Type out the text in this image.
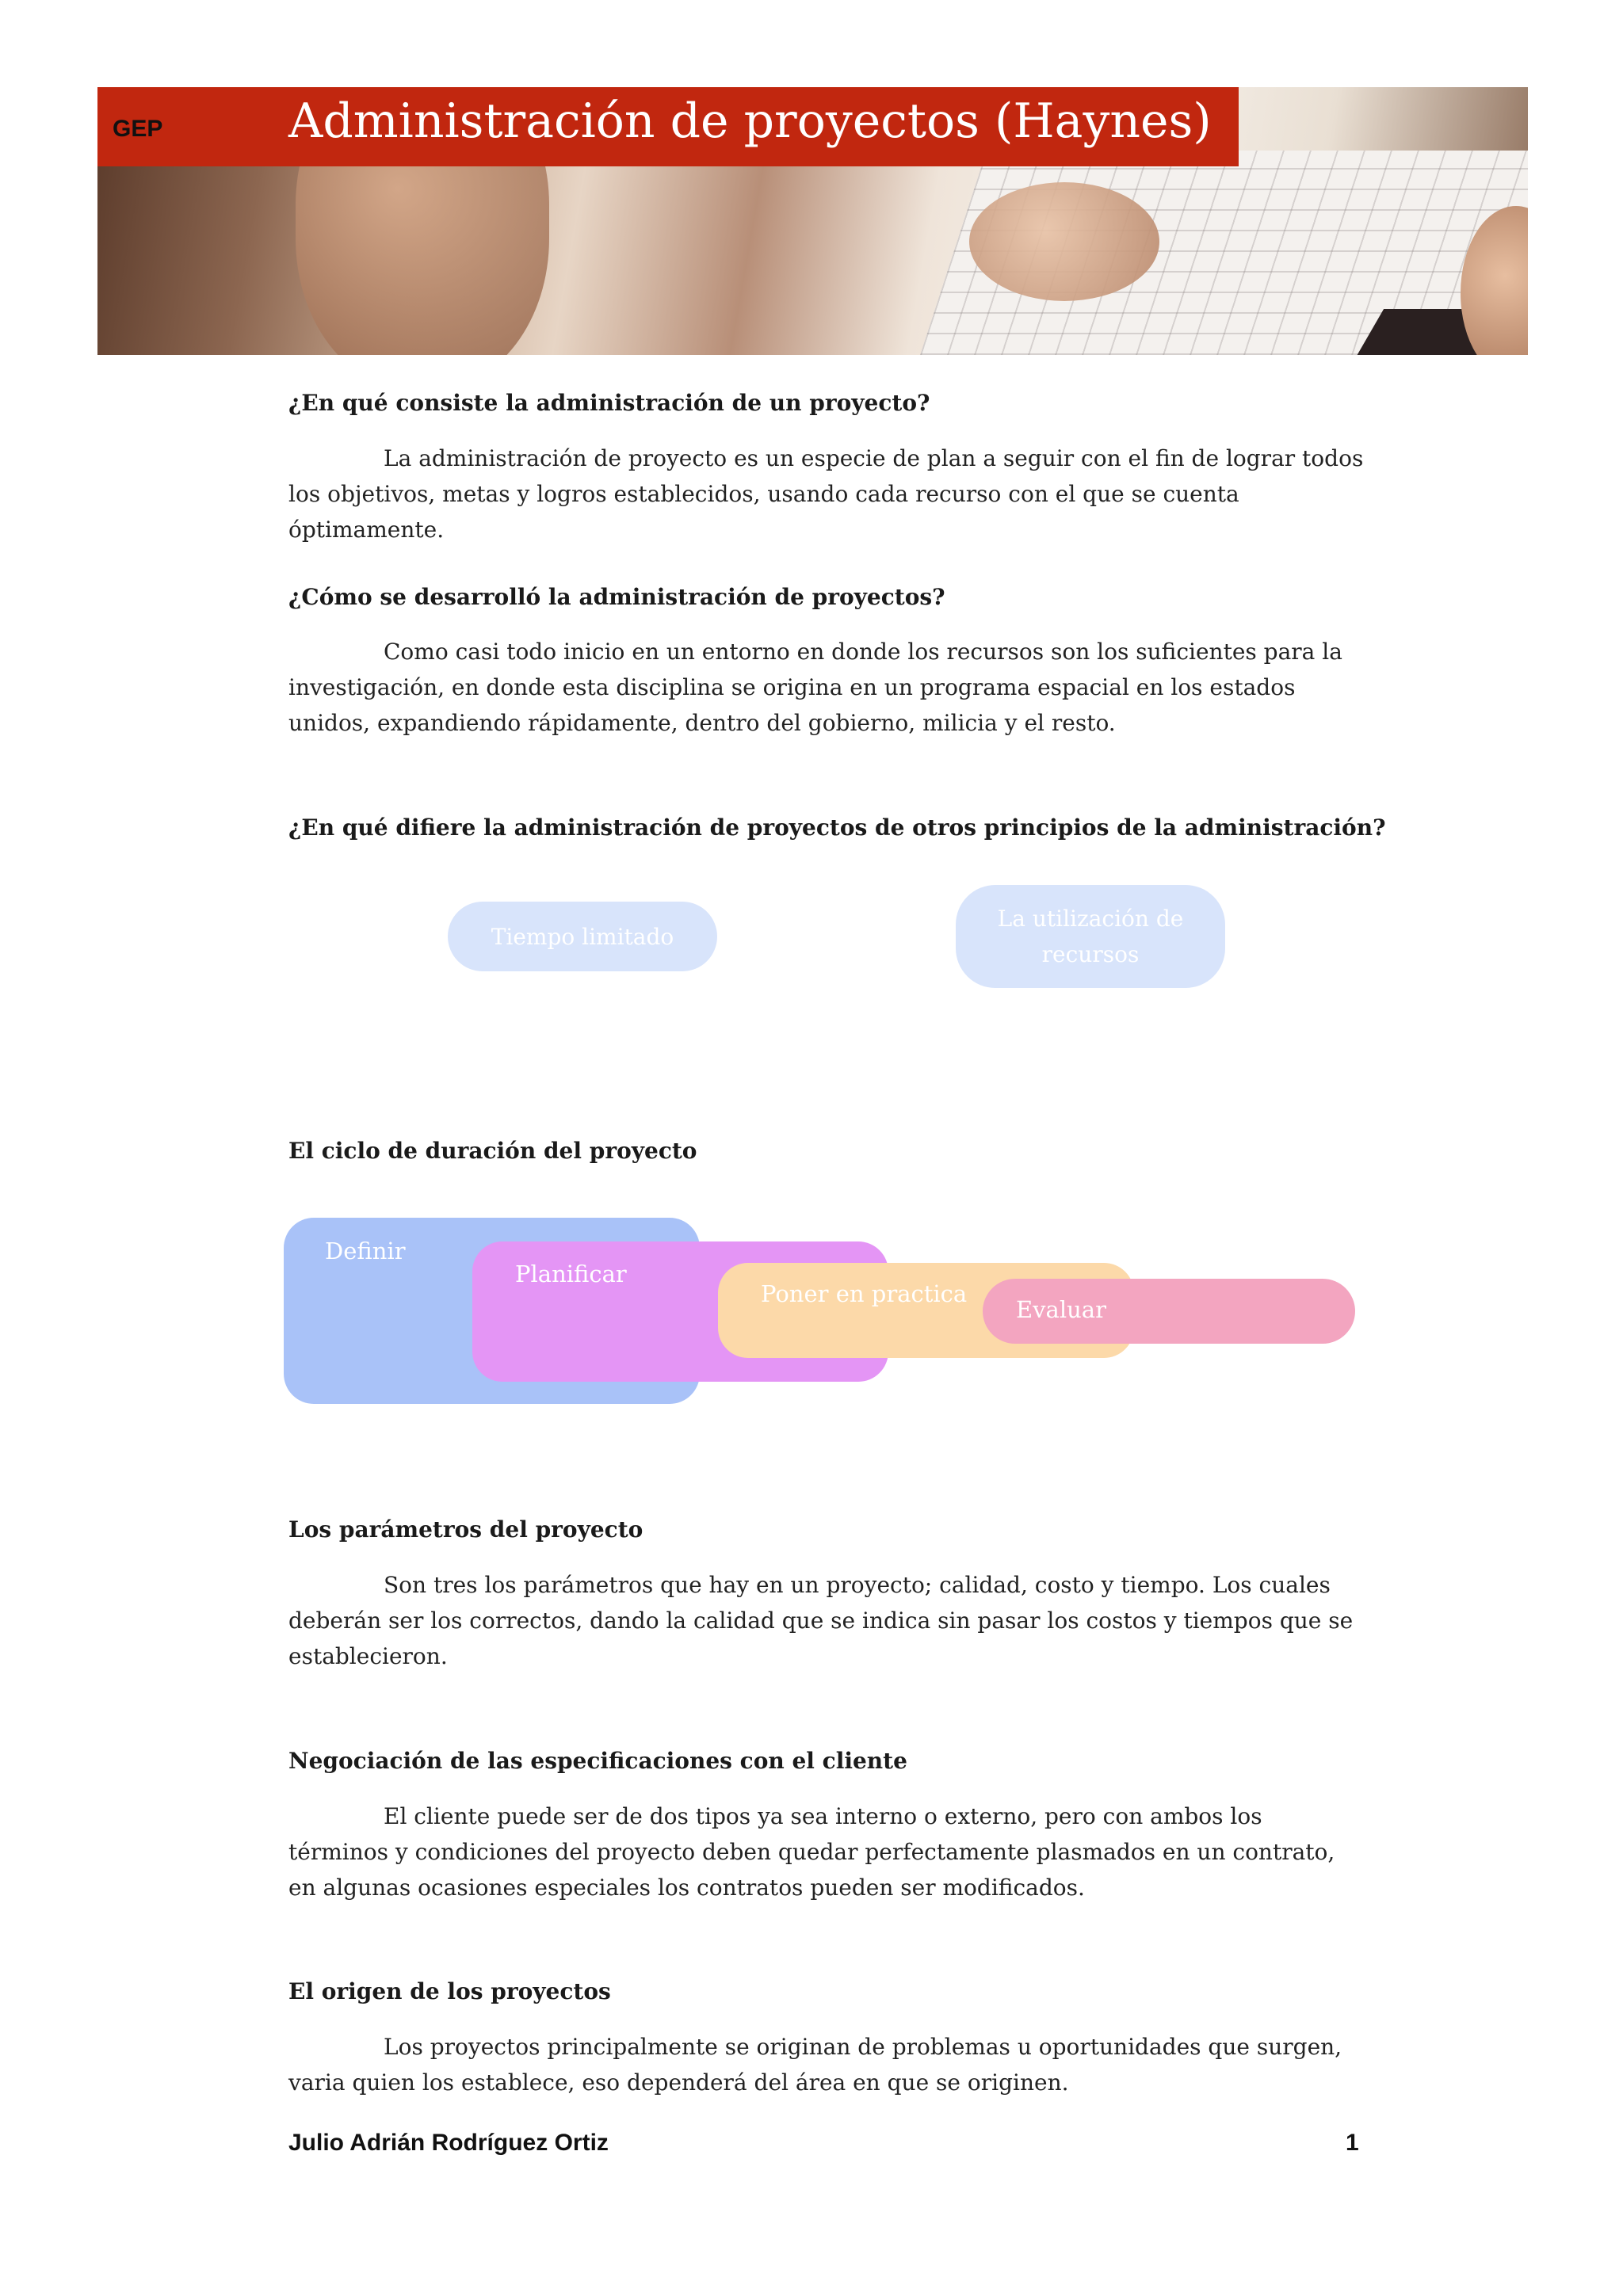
GEP	Administración de proyectos (Haynes)
¿En qué consiste la administración de un proyecto?

La administración de proyecto es un especie de plan a seguir con el fin de lograr todos los objetivos, metas y logros establecidos, usando cada recurso con el que se cuenta óptimamente.

¿Cómo se desarrolló la administración de proyectos?

Como casi todo inicio en un entorno en donde los recursos son los suficientes para la investigación, en donde esta disciplina se origina en un programa espacial en los estados unidos, expandiendo rápidamente, dentro del gobierno, milicia y el resto.

¿En qué difiere la administración de proyectos de otros principios de la administración?
Tiempo limitado
La utilización de recursos
El ciclo de duración del proyecto
Definir
Planificar
Poner en practica
Evaluar
Los parámetros del proyecto

Son tres los parámetros que hay en un proyecto; calidad, costo y tiempo. Los cuales deberán ser los correctos, dando la calidad que se indica sin pasar los costos y tiempos que se establecieron.

Negociación de las especificaciones con el cliente

El cliente puede ser de dos tipos ya sea interno o externo, pero con ambos los términos y condiciones del proyecto deben quedar perfectamente plasmados en un contrato, en algunas ocasiones especiales los contratos pueden ser modificados.

El origen de los proyectos

Los proyectos principalmente se originan de problemas u oportunidades que surgen, varia quien los establece, eso dependerá del área en que se originen.

Julio Adrián Rodríguez Ortiz	1
